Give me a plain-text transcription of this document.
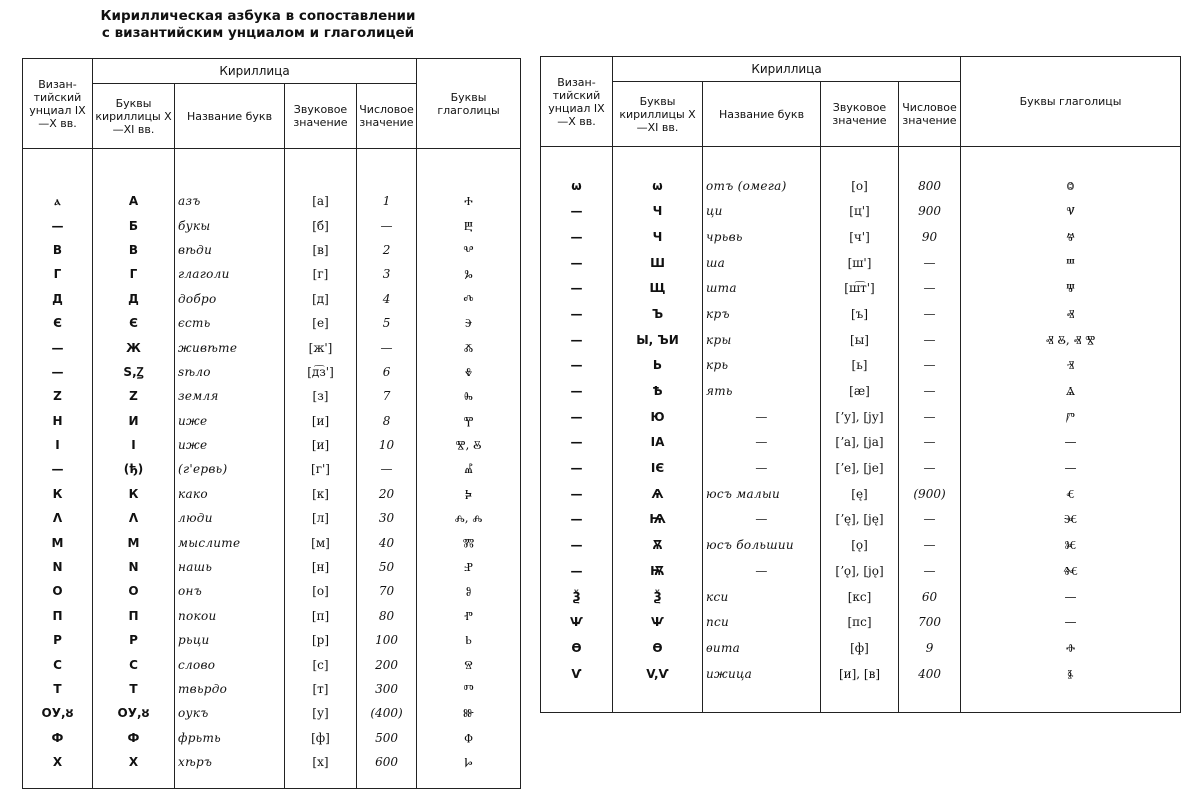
Кириллическая азбука в сопоставлении
с византийским унциалом и глаголицей
Визан-тийский унциал IX—X вв.	Кириллица				Буквы глаголицы
	Буквы кириллицы X—XI вв.	Название букв	Звуковое значение	Числовое значение	

ⲁ	А	азъ	[а]	1	Ⰰ
—	Б	букы	[б]	—	Ⰱ
В	В	вѣди	[в]	2	Ⰲ
Г	Г	глаголи	[г]	3	Ⰳ
Д	Д	добро	[д]	4	Ⰴ
Є	Є	єсть	[е]	5	Ⰵ
—	Ж	живѣте	[ж']	—	Ⰶ
—	Ѕ,Ꙁ	ѕѣло	[д͡з']	6	Ⰷ
Z	Z	земля	[з]	7	Ⰸ
Н	И	иже	[и]	8	Ⰹ
І	І	иже	[и]	10	Ⰺ, Ⰻ
—	(ђ)	(г'ервь)	[г']	—	Ⰼ
К	К	како	[к]	20	Ⰽ
Λ	Λ	люди	[л]	30	Ⰾ, Ⰾ
М	М	мыслите	[м]	40	Ⰿ
N	N	нашь	[н]	50	Ⱀ
О	О	онъ	[о]	70	Ⱁ
П	П	покои	[п]	80	Ⱂ
Р	Р	рьци	[р]	100	Ⱃ
С	С	слово	[с]	200	Ⱄ
Т	Т	твьрдо	[т]	300	Ⱅ
ОУ,ȣ	ОУ,ȣ	оукъ	[у]	(400)	Ⱆ
Ф	Ф	фрьть	[ф]	500	Ⱇ
Х	Х	хѣръ	[х]	600	Ⱈ

Визан-тийский унциал IX—X вв.	Кириллица				Буквы глаголицы
	Буквы кириллицы X—XI вв.	Название букв	Звуковое значение	Числовое значение	

ω	ω	отъ (омега)	[о]	800	Ⱉ
—	Ч	ци	[ц']	900	Ⱌ
—	Ч	чрьвь	[ч']	90	Ⱍ
—	Ш	ша	[ш']	—	Ⱎ
—	Щ	шта	[ш͡т']	—	Ⱋ
—	Ъ	кръ	[ъ]	—	Ⱏ
—	Ы, ЪИ	кры	[ы]	—	Ⱏ Ⰻ, Ⱏ Ⰺ
—	Ь	крь	[ь]	—	Ⱐ
—	Ѣ	ять	[æ]	—	Ⱑ
—	Ю	—	[ʼу], [jу]	—	Ⱓ
—	ΙΑ	—	[ʼа], [jа]	—	—
—	ΙЄ	—	[ʼе], [jе]	—	—
—	Ѧ	юсъ малыи	[ę]	(900)	Ⱔ
—	Ѩ	—	[ʼę], [ję]	—	Ⱗ
—	Ѫ	юсъ большии	[ǫ]	—	Ⱘ
—	Ѭ	—	[ʼǫ], [jǫ]	—	Ⱙ
Ѯ	Ѯ	кси	[кс]	60	—
Ѱ	Ѱ	пси	[пс]	700	—
Ѳ	Ѳ	ѳита	[ф]	9	Ⱚ
Ѵ	V,Ѵ	ижица	[и], [в]	400	Ⱛ
